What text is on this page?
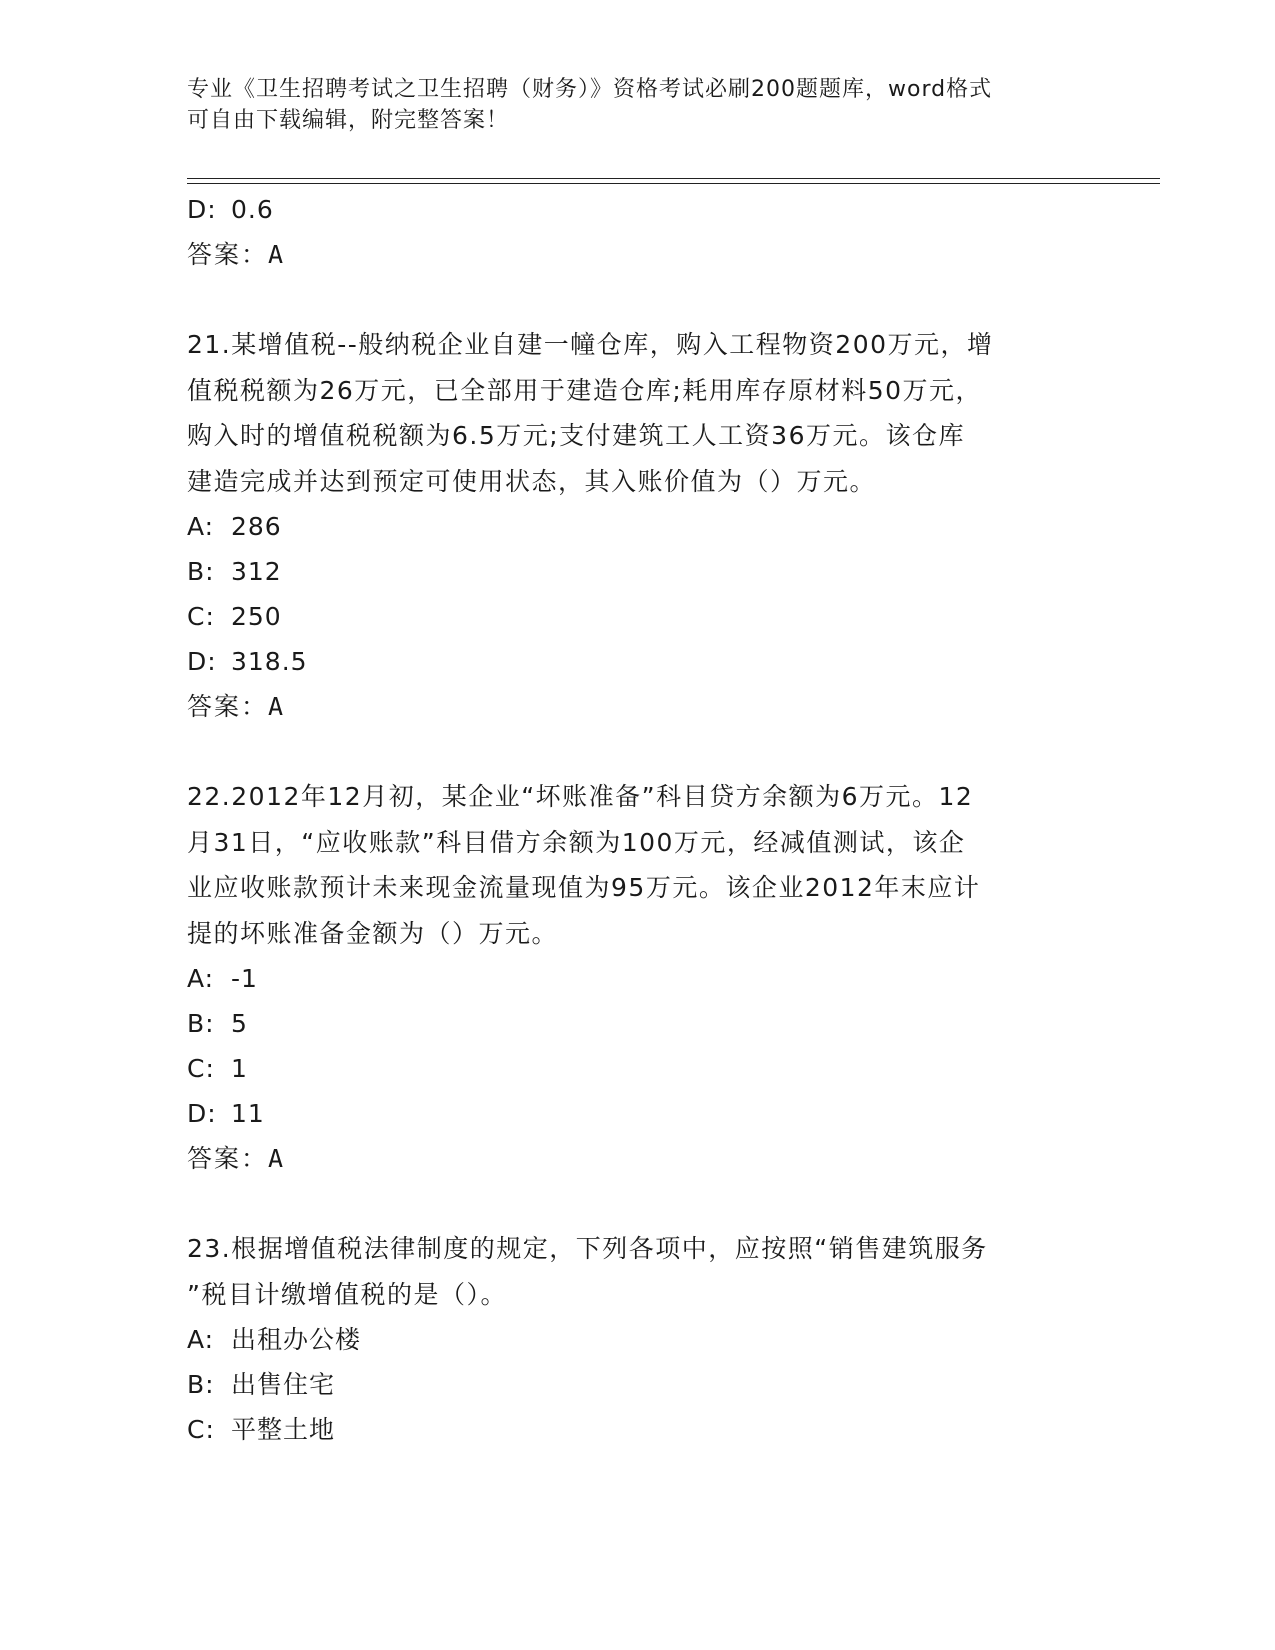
专业《卫生招聘考试之卫生招聘（财务）》资格考试必刷200题题库，word格式
可自由下载编辑，附完整答案！
D: 0.6
答案：A
21.某增值税--般纳税企业自建一幢仓库，购入工程物资200万元，增
值税税额为26万元，已全部用于建造仓库;耗用库存原材料50万元，
购入时的增值税税额为6.5万元;支付建筑工人工资36万元。该仓库
建造完成并达到预定可使用状态，其入账价值为（）万元。
A: 286
B: 312
C: 250
D: 318.5
答案：A
22.2012年12月初，某企业“坏账准备”科目贷方余额为6万元。12
月31日，“应收账款”科目借方余额为100万元，经减值测试，该企
业应收账款预计未来现金流量现值为95万元。该企业2012年末应计
提的坏账准备金额为（）万元。
A: -1
B: 5
C: 1
D: 11
答案：A
23.根据增值税法律制度的规定，下列各项中，应按照“销售建筑服务
”税目计缴增值税的是（）。
A: 出租办公楼
B: 出售住宅
C: 平整土地
